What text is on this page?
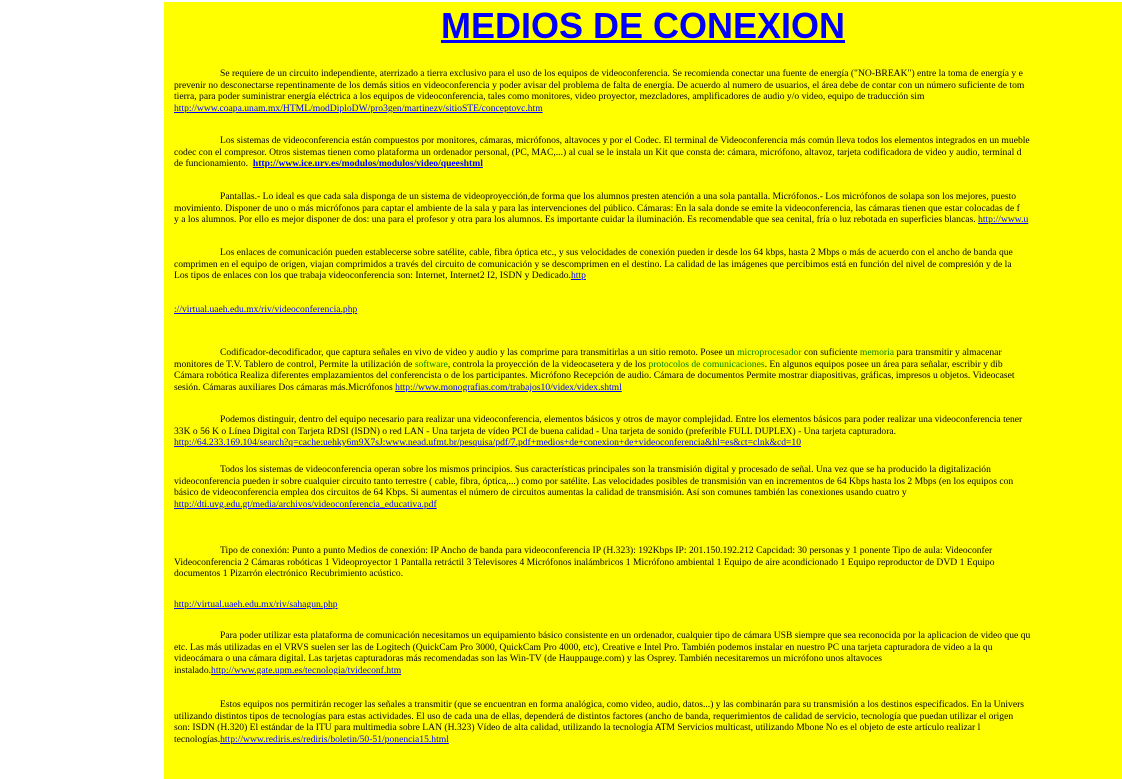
MEDIOS DE CONEXION
Se requiere de un circuito independiente, aterrizado a tierra exclusivo para el uso de los equipos de videoconferencia. Se recomienda conectar una fuente de energía ("NO-BREAK") entre la toma de energía y e
prevenir no desconectarse repentinamente de los demás sitios en videoconferencia y poder avisar del problema de falta de energía. De acuerdo al numero de usuarios, el área debe de contar con un número suficiente de tom
tierra, para poder suministrar energía eléctrica a los equipos de videoconferencia, tales como monitores, video proyector, mezcladores, amplificadores de audio y/o video, equipo de traducción sim
http://www.coapa.unam.mx/HTML/modDiploDW/pro3gen/martinezv/sitioSTE/conceptovc.htm
Los sistemas de videoconferencia están compuestos por monitores, cámaras, micrófonos, altavoces y por el Codec. El terminal de Videoconferencia más común lleva todos los elementos integrados en un mueble
codec con el compresor. Otros sistemas tienen como plataforma un ordenador personal, (PC, MAC,...) al cual se le instala un Kit que consta de: cámara, micrófono, altavoz, tarjeta codificadora de video y audio, terminal d
de funcionamiento. http://www.ice.urv.es/modulos/modulos/video/queeshtml
Pantallas.- Lo ideal es que cada sala disponga de un sistema de videoproyección,de forma que los alumnos presten atención a una sola pantalla. Micrófonos.- Los micrófonos de solapa son los mejores, puesto
movimiento. Disponer de uno o más micrófonos para captar el ambiente de la sala y para las intervenciones del público. Cámaras: En la sala donde se emite la videoconferencia, las cámaras tienen que estar colocadas de f
y a los alumnos. Por ello es mejor disponer de dos: una para el profesor y otra para los alumnos. Es importante cuidar la iluminación. Es recomendable que sea cenital, fría o luz rebotada en superficies blancas. http://www.u
Los enlaces de comunicación pueden establecerse sobre satélite, cable, fibra óptica etc., y sus velocidades de conexión pueden ir desde los 64 kbps, hasta 2 Mbps o más de acuerdo con el ancho de banda que
comprimen en el equipo de origen, viajan comprimidos a través del circuito de comunicación y se descomprimen en el destino. La calidad de las imágenes que percibimos está en función del nivel de compresión y de la
Los tipos de enlaces con los que trabaja videoconferencia son: Internet, Internet2 I2, ISDN y Dedicado.http
://virtual.uaeh.edu.mx/riv/videoconferencia.php
Codificador-decodificador, que captura señales en vivo de video y audio y las comprime para transmitirlas a un sitio remoto. Posee un microprocesador con suficiente memoria para transmitir y almacenar
monitores de T.V. Tablero de control, Permite la utilización de software, controla la proyección de la videocasetera y de los protocolos de comunicaciones. En algunos equipos posee un área para señalar, escribir y dib
Cámara robótica Realiza diferentes emplazamientos del conferencista o de los participantes. Micrófono Recepción de audio. Cámara de documentos Permite mostrar diapositivas, gráficas, impresos u objetos. Videocaset
sesión. Cámaras auxiliares Dos cámaras más.Micrófonos http://www.monografias.com/trabajos10/videx/videx.shtml
Podemos distinguir, dentro del equipo necesario para realizar una videoconferencia, elementos básicos y otros de mayor complejidad. Entre los elementos básicos para poder realizar una videoconferencia tener
33K o 56 K o Línea Digital con Tarjeta RDSI (ISDN) o red LAN - Una tarjeta de vídeo PCI de buena calidad - Una tarjeta de sonido (preferible FULL DUPLEX) - Una tarjeta capturadora.
http://64.233.169.104/search?q=cache:uehky6m9X7sJ:www.nead.ufmt.br/pesquisa/pdf/7.pdf+medios+de+conexion+de+videoconferencia&hl=es&ct=clnk&cd=10
Todos los sistemas de videoconferencia operan sobre los mismos principios. Sus características principales son la transmisión digital y procesado de señal. Una vez que se ha producido la digitalización
videoconferencia pueden ir sobre cualquier circuito tanto terrestre ( cable, fibra, óptica,...) como por satélite. Las velocidades posibles de transmisión van en incrementos de 64 Kbps hasta los 2 Mbps (en los equipos con
básico de videoconferencia emplea dos circuitos de 64 Kbps. Si aumentas el número de circuitos aumentas la calidad de transmisión. Así son comunes también las conexiones usando cuatro y
http://dti.uvg.edu.gt/media/archivos/videoconferencia_educativa.pdf
Tipo de conexión: Punto a punto Medios de conexión: IP Ancho de banda para videoconferencia IP (H.323): 192Kbps IP: 201.150.192.212 Capcidad: 30 personas y 1 ponente Tipo de aula: Videoconfer
Videoconferencia 2 Cámaras robóticas 1 Videoproyector 1 Pantalla retráctil 3 Televisores 4 Micrófonos inalámbricos 1 Micrófono ambiental 1 Equipo de aire acondicionado 1 Equipo reproductor de DVD 1 Equipo
documentos 1 Pizarrón electrónico Recubrimiento acústico.
http://virtual.uaeh.edu.mx/riv/sahagun.php
Para poder utilizar esta plataforma de comunicación necesitamos un equipamiento básico consistente en un ordenador, cualquier tipo de cámara USB siempre que sea reconocida por la aplicacion de video que qu
etc. Las más utilizadas en el VRVS suelen ser las de Logitech (QuickCam Pro 3000, QuickCam Pro 4000, etc), Creative e Intel Pro. También podemos instalar en nuestro PC una tarjeta capturadora de video a la qu
videocámara o una cámara digital. Las tarjetas capturadoras más recomendadas son las Win-TV (de Hauppauge.com) y las Osprey. También necesitaremos un micrófono unos altavoces
instalado.http://www.gate.upm.es/tecnologia/tvideconf.htm
Estos equipos nos permitirán recoger las señales a transmitir (que se encuentran en forma analógica, como video, audio, datos...) y las combinarán para su transmisión a los destinos especificados. En la Univers
utilizando distintos tipos de tecnologías para estas actividades. El uso de cada una de ellas, dependerá de distintos factores (ancho de banda, requerimientos de calidad de servicio, tecnología que puedan utilizar el origen
son: ISDN (H.320) El estándar de la ITU para multimedia sobre LAN (H.323) Vídeo de alta calidad, utilizando la tecnología ATM Servicios multicast, utilizando Mbone No es el objeto de este artículo realizar l
tecnologías.http://www.rediris.es/rediris/boletin/50-51/ponencia15.html
